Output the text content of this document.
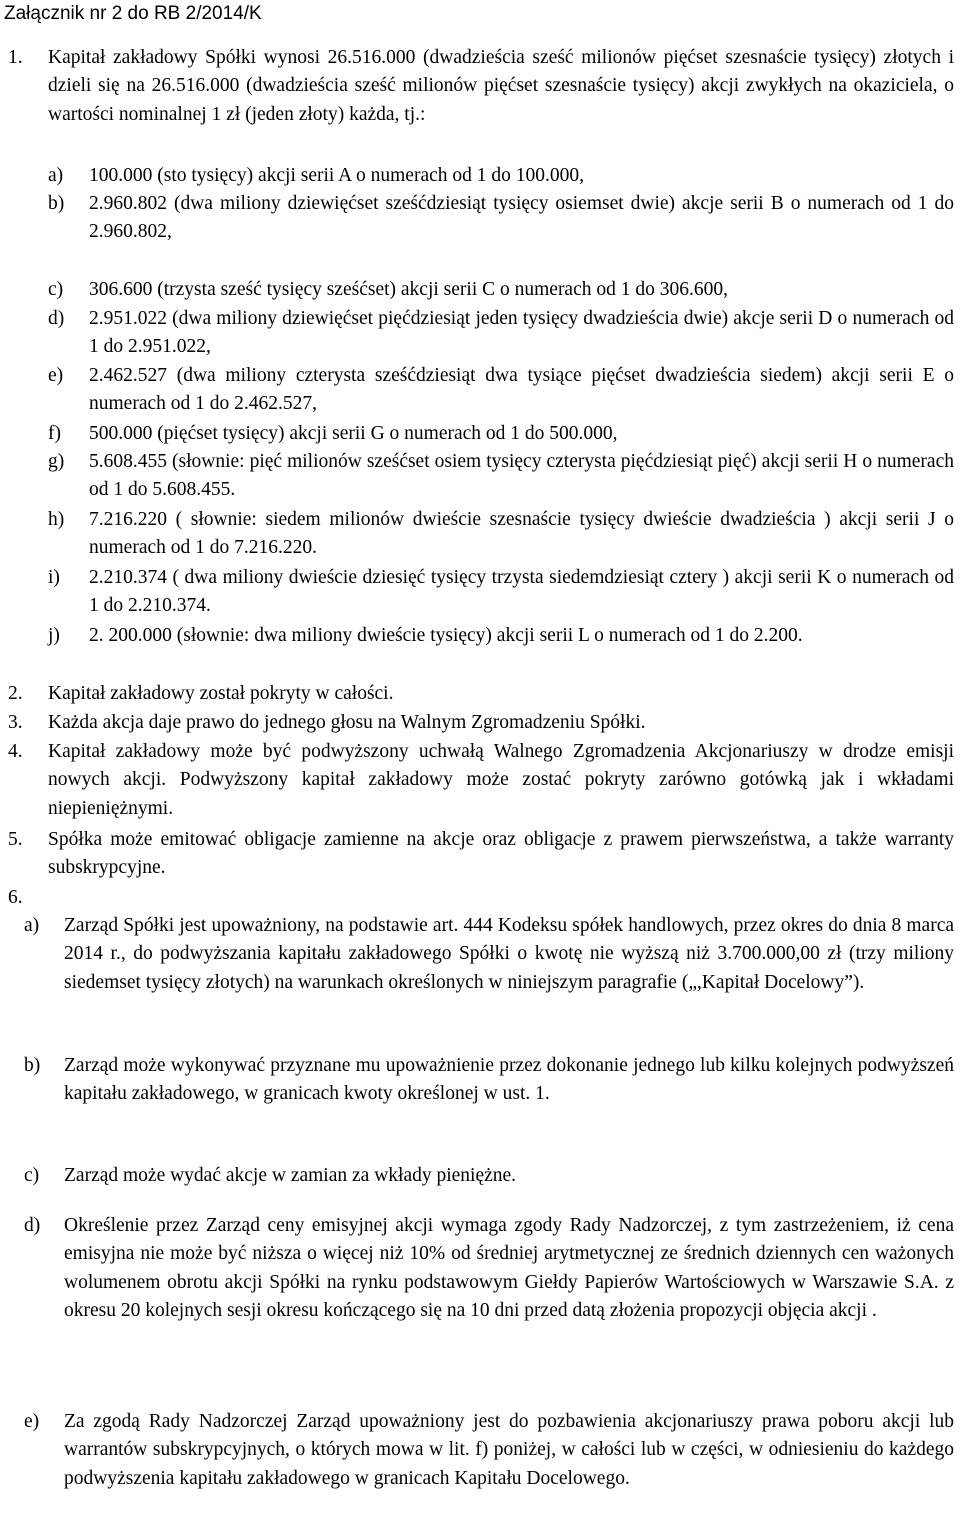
Załącznik nr 2 do RB 2/2014/K
1. Kapitał zakładowy Spółki wynosi 26.516.000 (dwadzieścia sześć milionów pięćset szesnaście tysięcy) złotych i dzieli się na 26.516.000 (dwadzieścia sześć milionów pięćset szesnaście tysięcy) akcji zwykłych na okaziciela, o wartości nominalnej 1 zł (jeden złoty) każda, tj.:
a)	100.000 (sto tysięcy) akcji serii A o numerach od 1 do 100.000,
b)	2.960.802 (dwa miliony dziewięćset sześćdziesiąt tysięcy osiemset dwie) akcje serii B o numerach od 1 do 2.960.802,
c)	306.600 (trzysta sześć tysięcy sześćset) akcji serii C o numerach od 1 do 306.600,
d)	2.951.022 (dwa miliony dziewięćset pięćdziesiąt jeden tysięcy dwadzieścia dwie) akcje serii D o numerach od 1 do 2.951.022,
e)	2.462.527 (dwa miliony czterysta sześćdziesiąt dwa tysiące pięćset dwadzieścia siedem) akcji serii E o numerach od 1 do 2.462.527,
f)	500.000 (pięćset tysięcy) akcji serii G o numerach od 1 do 500.000,
g)	5.608.455 (słownie: pięć milionów sześćset osiem tysięcy czterysta pięćdziesiąt pięć) akcji serii H o numerach od 1 do 5.608.455.
h)	7.216.220 ( słownie: siedem milionów dwieście szesnaście tysięcy dwieście dwadzieścia ) akcji serii J o numerach od 1 do 7.216.220.
i)	2.210.374 ( dwa miliony dwieście dziesięć tysięcy trzysta siedemdziesiąt cztery ) akcji serii K o numerach od 1 do 2.210.374.
j)	2. 200.000 (słownie: dwa miliony dwieście tysięcy) akcji serii L o numerach od 1 do 2.200.
2. Kapitał zakładowy został pokryty w całości.
3. Każda akcja daje prawo do jednego głosu na Walnym Zgromadzeniu Spółki.
4. Kapitał zakładowy może być podwyższony uchwałą Walnego Zgromadzenia Akcjonariuszy w drodze emisji nowych akcji. Podwyższony kapitał zakładowy może zostać pokryty zarówno gotówką jak i wkładami niepieniężnymi.
5. Spółka może emitować obligacje zamienne na akcje oraz obligacje z prawem pierwszeństwa, a także warranty subskrypcyjne.
6.
a) Zarząd Spółki jest upoważniony, na podstawie art. 444 Kodeksu spółek handlowych, przez okres do dnia 8 marca 2014 r., do podwyższania kapitału zakładowego Spółki o kwotę nie wyższą niż 3.700.000,00 zł (trzy miliony siedemset tysięcy złotych) na warunkach określonych w niniejszym paragrafie („,Kapitał Docelowy”).
b) Zarząd może wykonywać przyznane mu upoważnienie przez dokonanie jednego lub kilku kolejnych podwyższeń kapitału zakładowego, w granicach kwoty określonej w ust. 1.
c) Zarząd może wydać akcje w zamian za wkłady pieniężne.
d) Określenie przez Zarząd ceny emisyjnej akcji wymaga zgody Rady Nadzorczej, z tym zastrzeżeniem, iż cena emisyjna nie może być niższa o więcej niż 10% od średniej arytmetycznej ze średnich dziennych cen ważonych wolumenem obrotu akcji Spółki na rynku podstawowym Giełdy Papierów Wartościowych w Warszawie S.A. z okresu 20 kolejnych sesji okresu kończącego się na 10 dni przed datą złożenia propozycji objęcia akcji .
e) Za zgodą Rady Nadzorczej Zarząd upoważniony jest do pozbawienia akcjonariuszy prawa poboru akcji lub warrantów subskrypcyjnych, o których mowa w lit. f) poniżej, w całości lub w części, w odniesieniu do każdego podwyższenia kapitału zakładowego w granicach Kapitału Docelowego.
